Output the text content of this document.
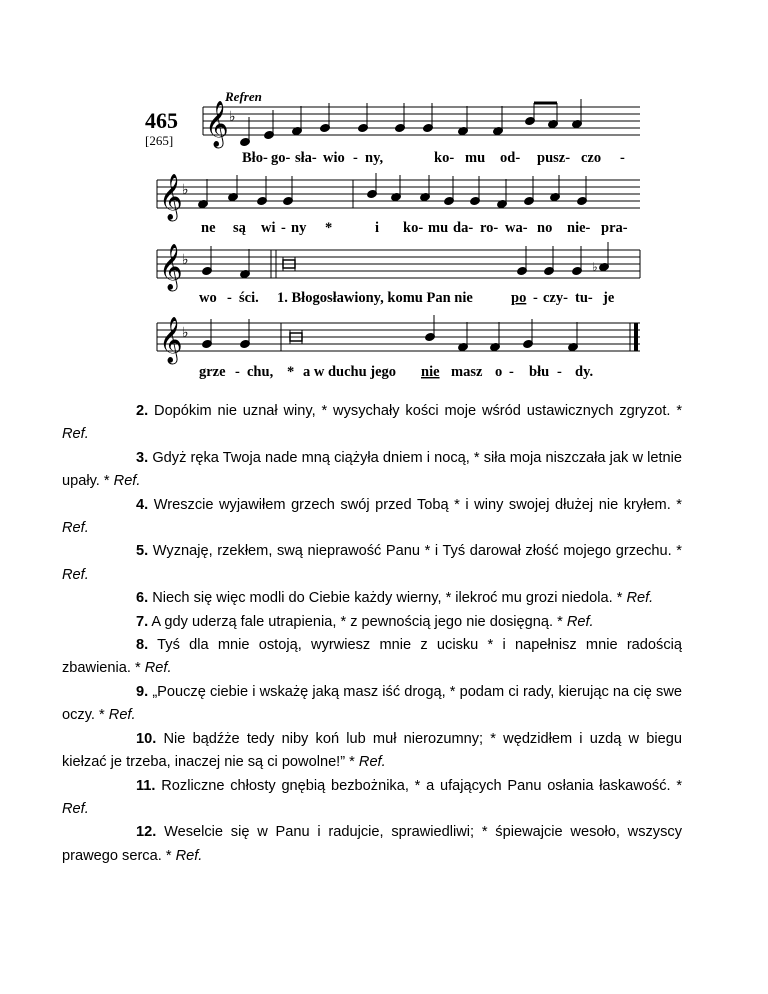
Refren
465
[265] 𝄞 ♭
Bło- go- sła- wio - ny,	ko- mu od- pusz- czo -
𝄞 ♭
ne są wi - ny *	i ko- mu da- ro- wa- no nie- pra-
𝄞 ♭	♭
wo - ści. 1. Błogosławiony, komu Pan nie	po - czy- tu- je
𝄞 ♭
grze - chu, * a w duchu jego nie masz o - błu - dy.

2. Dopókim nie uznał winy, * wysychały kości moje wśród ustawicznych zgryzot. * Ref.

3. Gdyż ręka Twoja nade mną ciążyła dniem i nocą, * siła moja niszczała jak w letnie upały. * Ref.

4. Wreszcie wyjawiłem grzech swój przed Tobą * i winy swojej dłużej nie kryłem. * Ref.

5. Wyznaję, rzekłem, swą nieprawość Panu * i Tyś darował złość mojego grzechu. * Ref.

6. Niech się więc modli do Ciebie każdy wierny, * ilekroć mu grozi niedola. * Ref.

7. A gdy uderzą fale utrapienia, * z pewnością jego nie dosięgną. * Ref.

8. Tyś dla mnie ostoją, wyrwiesz mnie z ucisku * i napełnisz mnie radością zbawienia. * Ref.

9. „Pouczę ciebie i wskażę jaką masz iść drogą, * podam ci rady, kierując na cię swe oczy. * Ref.

10. Nie bądźże tedy niby koń lub muł nierozumny; * wędzidłem i uzdą w biegu kiełzać je trzeba, inaczej nie są ci powolne!” * Ref.

11. Rozliczne chłosty gnębią bezbożnika, * a ufających Panu osłania łaskawość. * Ref.

12. Weselcie się w Panu i radujcie, sprawiedliwi; * śpiewajcie wesoło, wszyscy prawego serca. * Ref.
